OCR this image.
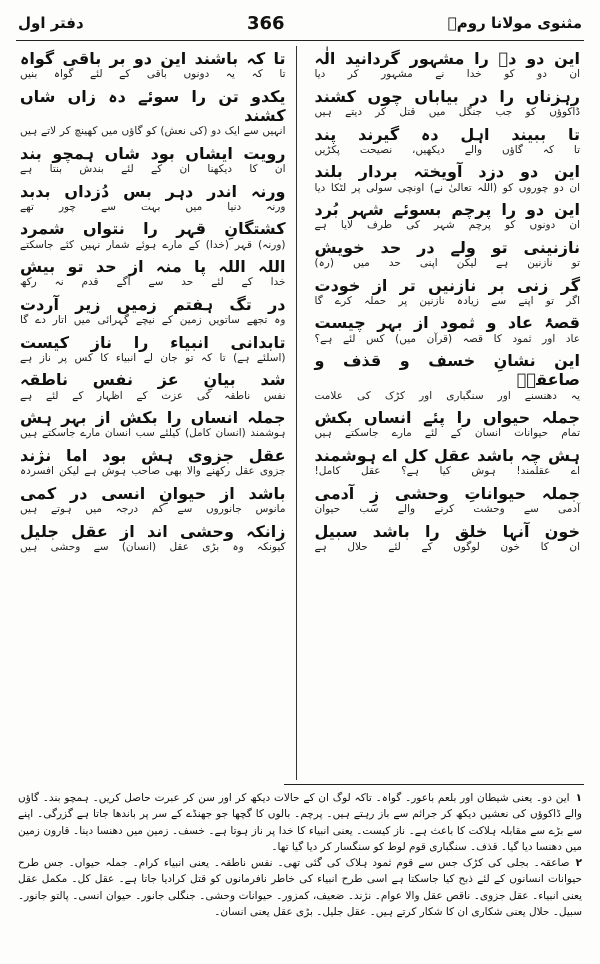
دفتر اول	366	مثنوی مولانا رومؒ
این دو دؔ را مشہور گردانید الٰہ
ان دو کو خدا نے مشہور کر دیا
رہزناں را در بیاباں چوں کشند
ڈاکوؤں کو جب جنگل میں قتل کر دیتے ہیں
تا ببیند اہل دہ گیرند پند
تا کہ گاؤں والے دیکھیں، نصیحت پکڑیں
این دو دزد آویختہ بردار بلند
ان دو چوروں کو (اللہ تعالیٰ نے) اونچی سولی پر لٹکا دیا
این دو را پرچم بسوئے شہر بُرد
ان دونوں کو پرچم شہر کی طرف لایا ہے
نازنینی تو ولے در حد خویش
تو نازنین ہے لیکن اپنی حد میں (رہ)
گر زنی بر نازنیں تر از خودت
اگر تو اپنے سے زیادہ نازنین پر حملہ کرے گا
قصۂ عاد و ثمود از بہر چیست
عاد اور ثمود کا قصہ (قرآن میں) کس لئے ہے؟
این نشانِ خسف و قذف و صاعقہؔ
یہ دھنسنے اور سنگباری اور کڑک کی علامت
جملہ حیواں را پئے انساں بکش
تمام حیوانات انسان کے لئے مارے جاسکتے ہیں
ہش چہ باشد عقل کل اے ہوشمند
اے عقلمند! ہوش کیا ہے؟ عقل کامل!
جملہ حیواناتِ وحشی زِ آدمی
آدمی سے وحشت کرنے والے سب حیوان
خون آنہا خلق را باشد سبیل
ان کا خون لوگوں کے لئے حلال ہے
تا کہ باشند این دو بر باقی گواہ
تا کہ یہ دونوں باقی کے لئے گواہ بنیں
یکدو تن را سوئے دہ زاں شاں کشند
انہیں سے ایک دو (کی نعش) کو گاؤں میں کھینچ کر لاتے ہیں
رویت ایشاں بود شاں ہمچو بند
ان کا دیکھنا ان کے لئے بندش بنتا ہے
ورنہ اندر دہر بس دُزداں بدبد
ورنہ دنیا میں بہت سے چور تھے
کشتگانِ قہر را نتواں شمرد
(ورنہ) قہر (خدا) کے مارے ہوئے شمار نہیں کئے جاسکتے
اللہ اللہ پا منہ از حد تو بیش
خدا کے لئے حد سے آگے قدم نہ رکھ
در تگ ہفتم زمیں زیر آردت
وہ تجھے ساتویں زمین کے نیچے گہرائی میں اتار دے گا
تابدانی انبیاء را ناز کیست
(اسلئے ہے) تا کہ تو جان لے انبیاء کا کس پر ناز ہے
شد بیانِ عز نفس ناطقہ
نفس ناطقہ کی عزت کے اظہار کے لئے ہے
جملہ انساں را بکش از بہر ہش
ہوشمند (انسان کامل) کیلئے سب انسان مارے جاسکتے ہیں
عقل جزوی ہش بود اما نژند
جزوی عقل رکھنے والا بھی صاحب ہوش ہے لیکن افسردہ
باشد از حیوانِ انسی در کمی
مانوس جانوروں سے کم درجہ میں ہوتے ہیں
زانکہ وحشی اند از عقل جلیل
کیونکہ وہ بڑی عقل (انسان) سے وحشی ہیں
۱این دو۔ یعنی شیطان اور بلعم باعور۔ گواہ۔ تاکہ لوگ ان کے حالات دیکھ کر اور سن کر عبرت حاصل کریں۔ ہمچو بند۔ گاؤں والے ڈاکوؤں کی نعشیں دیکھ کر جرائم سے باز رہتے ہیں۔ پرچم۔ بالوں کا گچھا جو جھنڈے کے سر پر باندھا جاتا ہے گزرگی۔ اپنے سے بڑے سے مقابلہ ہلاکت کا باعث ہے۔ ناز کیست۔ یعنی انبیاء کا خدا پر ناز ہوتا ہے۔ خسف۔ زمین میں دھنسا دینا۔ قارون زمین میں دھنسا دیا گیا۔ قذف۔ سنگباری قوم لوط کو سنگسار کر دیا گیا تھا۔
۲صاعقہ۔ بجلی کی کڑک جس سے قوم ثمود ہلاک کی گئی تھی۔ نفس ناطقہ۔ یعنی انبیاء کرام۔ جملہ حیواں۔ جس طرح حیوانات انسانوں کے لئے ذبح کیا جاسکتا ہے اسی طرح انبیاء کی خاطر نافرمانوں کو قتل کرادیا جاتا ہے۔ عقل کل۔ مکمل عقل یعنی انبیاء۔ عقل جزوی۔ ناقص عقل والا عوام۔ نژند۔ ضعیف، کمزور۔ حیوانات وحشی۔ جنگلی جانور۔ حیوان انسی۔ پالتو جانور۔ سبیل۔ حلال یعنی شکاری ان کا شکار کرتے ہیں۔ عقل جلیل۔ بڑی عقل یعنی انسان۔
